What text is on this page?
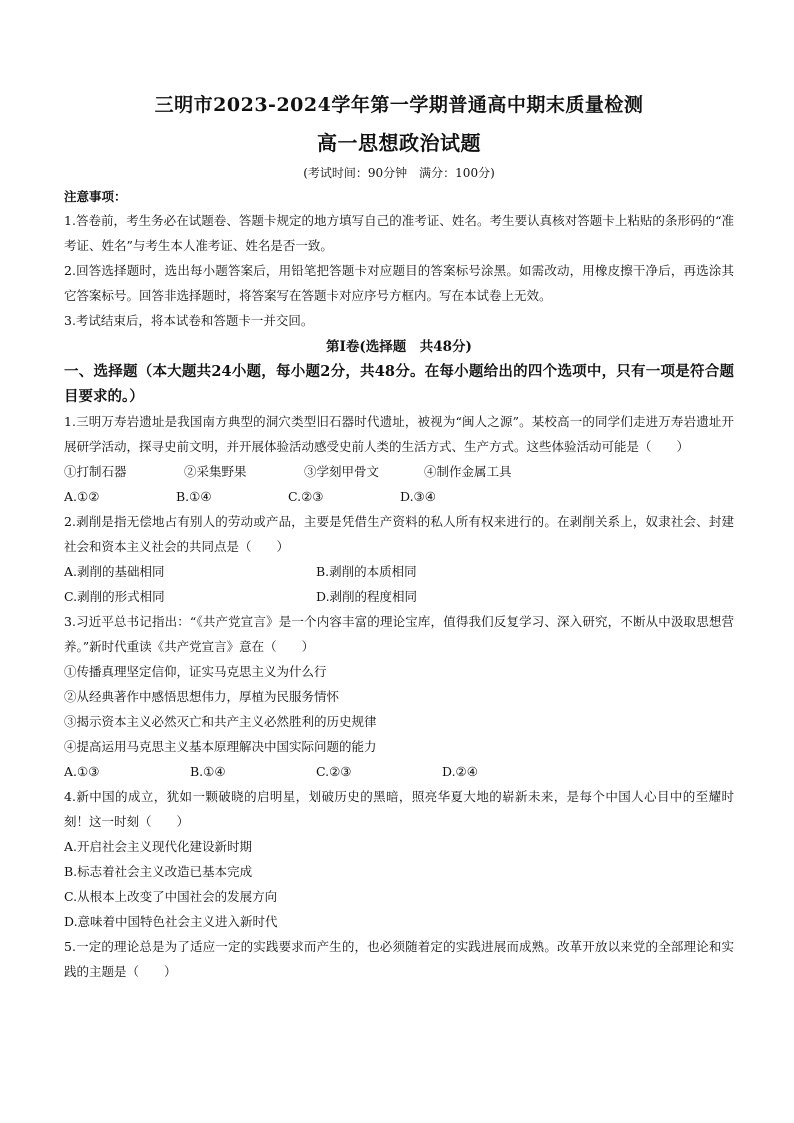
三明市2023-2024学年第一学期普通高中期末质量检测
高一思想政治试题
(考试时间：90分钟　满分：100分)
注意事项：

1.答卷前，考生务必在试题卷、答题卡规定的地方填写自己的准考证、姓名。考生要认真核对答题卡上粘贴的条形码的“准考证、姓名”与考生本人准考证、姓名是否一致。

2.回答选择题时，选出每小题答案后，用铅笔把答题卡对应题目的答案标号涂黑。如需改动，用橡皮擦干净后，再选涂其它答案标号。回答非选择题时，将答案写在答题卡对应序号方框内。写在本试卷上无效。

3.考试结束后，将本试卷和答题卡一并交回。

第Ⅰ卷(选择题　共48分)

一、选择题（本大题共24小题，每小题2分，共48分。在每小题给出的四个选项中，只有一项是符合题目要求的。）

1.三明万寿岩遗址是我国南方典型的洞穴类型旧石器时代遗址，被视为“闽人之源”。某校高一的同学们走进万寿岩遗址开展研学活动，探寻史前文明，并开展体验活动感受史前人类的生活方式、生产方式。这些体验活动可能是（　　）

①打制石器	②采集野果	③学刻甲骨文	④制作金属工具
A.①②	B.①④	C.②③	D.③④

2.剥削是指无偿地占有别人的劳动或产品，主要是凭借生产资料的私人所有权来进行的。在剥削关系上，奴隶社会、封建社会和资本主义社会的共同点是（　　）

A.剥削的基础相同	B.剥削的本质相同
C.剥削的形式相同	D.剥削的程度相同

3.习近平总书记指出：“《共产党宣言》是一个内容丰富的理论宝库，值得我们反复学习、深入研究，不断从中汲取思想营养。”新时代重读《共产党宣言》意在（　　）

①传播真理坚定信仰，证实马克思主义为什么行

②从经典著作中感悟思想伟力，厚植为民服务情怀

③揭示资本主义必然灭亡和共产主义必然胜利的历史规律

④提高运用马克思主义基本原理解决中国实际问题的能力

A.①③	B.①④	C.②③	D.②④

4.新中国的成立，犹如一颗破晓的启明星，划破历史的黑暗，照亮华夏大地的崭新未来，是每个中国人心目中的至耀时刻！这一时刻（　　）

A.开启社会主义现代化建设新时期

B.标志着社会主义改造已基本完成

C.从根本上改变了中国社会的发展方向

D.意味着中国特色社会主义进入新时代

5.一定的理论总是为了适应一定的实践要求而产生的，也必须随着定的实践进展而成熟。改革开放以来党的全部理论和实践的主题是（　　）
